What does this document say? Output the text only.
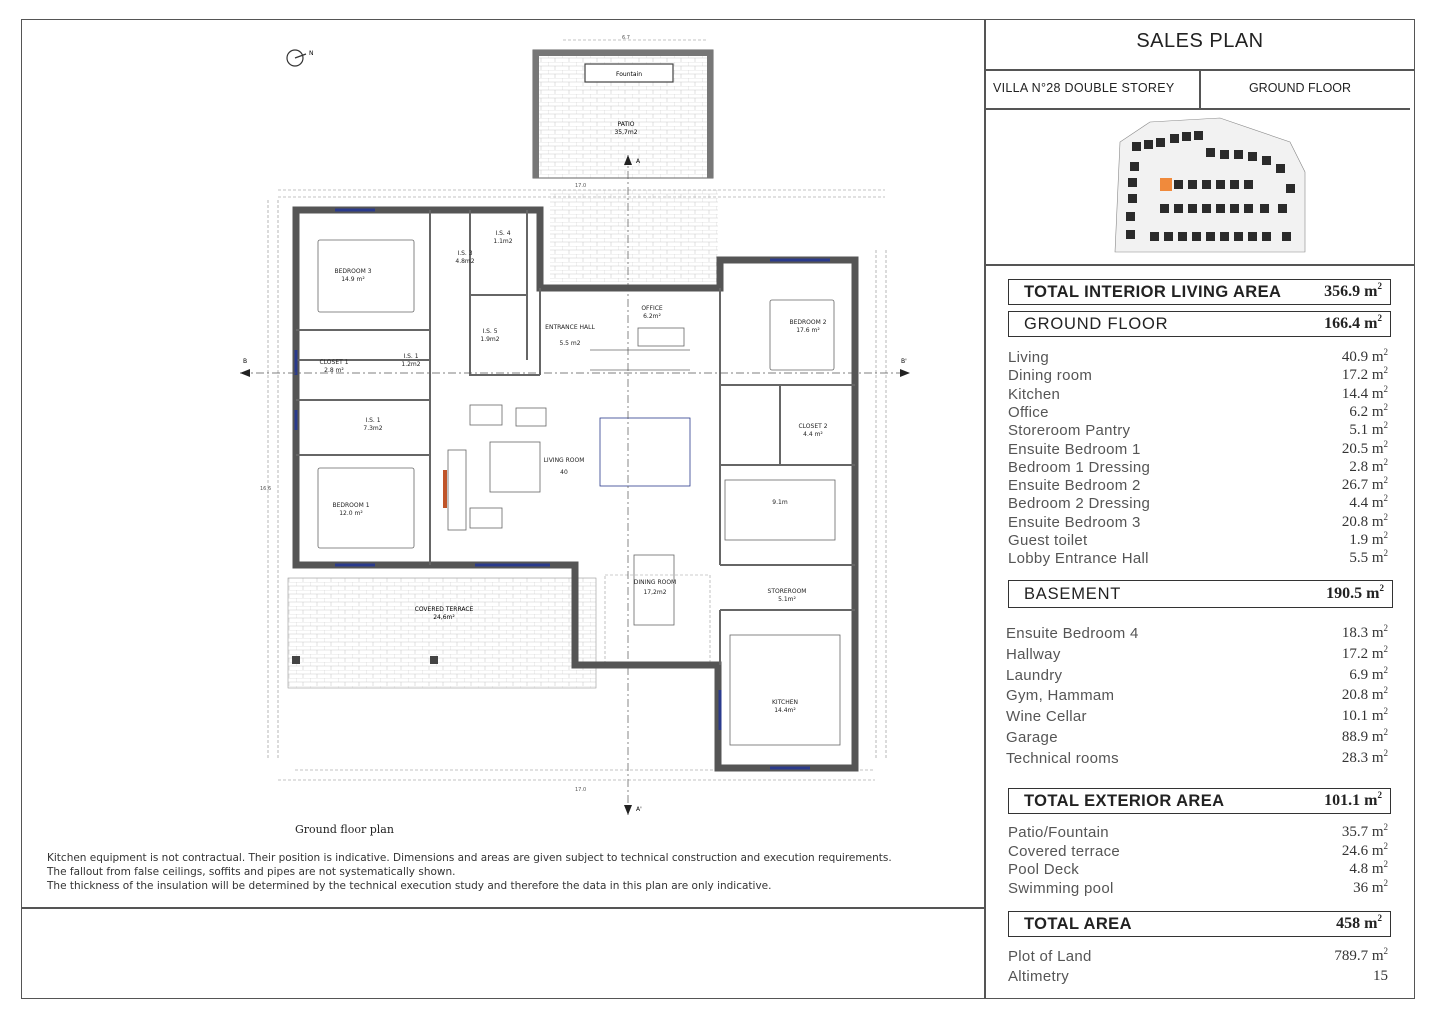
N
Fountain
PATIO
35,7m2
17.0
17.0
6.7
16.6
COVERED TERRACE
24,6m²
BEDROOM 3
14.9 m²
I.S. 3
4.8m2
I.S. 4
1.1m2
I.S. 5
1.9m2
ENTRANCE HALL
5.5 m2
OFFICE
6.2m²
BEDROOM 2
17.6 m²
CLOSET 1
2.8 m²
I.S. 1
1.2m2
I.S. 1
7.3m2
LIVING ROOM
40
CLOSET 2
4.4 m²
9.1m
BEDROOM 1
12.0 m²
DINING ROOM
17,2m2	STOREROOM
5.1m²
KITCHEN
14.4m²
B	B'
A
A'
Ground floor plan
Kitchen equipment is not contractual. Their position is indicative. Dimensions and areas are given subject to technical construction and execution requirements.
The fallout from false ceilings, soffits and pipes are not systematically shown.
The thickness of the insulation will be determined by the technical execution study and therefore the data in this plan are only indicative.
SALES PLAN
VILLA N°28 DOUBLE STOREY	GROUND FLOOR
TOTAL INTERIOR LIVING AREA	356.9 $m^2$
GROUND FLOOR	166.4 $m^2$
Living	40.9 $m^2$
Dining room	17.2 $m^2$
Kitchen	14.4 $m^2$
Office	6.2 $m^2$
Storeroom Pantry	5.1 $m^2$
Ensuite Bedroom 1	20.5 $m^2$
Bedroom 1 Dressing	2.8 $m^2$
Ensuite Bedroom 2	26.7 $m^2$
Bedroom 2 Dressing	4.4 $m^2$
Ensuite Bedroom 3	20.8 $m^2$
Guest toilet	1.9 $m^2$
Lobby Entrance Hall	5.5 $m^2$
BASEMENT	190.5 $m^2$
Ensuite Bedroom 4	18.3 $m^2$
Hallway	17.2 $m^2$
Laundry	6.9 $m^2$
Gym, Hammam	20.8 $m^2$
Wine Cellar	10.1 $m^2$
Garage	88.9 $m^2$
Technical rooms	28.3 $m^2$
TOTAL EXTERIOR AREA	101.1 $m^2$
Patio/Fountain	35.7 $m^2$
Covered terrace	24.6 $m^2$
Pool Deck	4.8 $m^2$
Swimming pool	36 $m^2$
TOTAL AREA	458 $m^2$
Plot of Land	789.7 $m^2$
Altimetry	15
